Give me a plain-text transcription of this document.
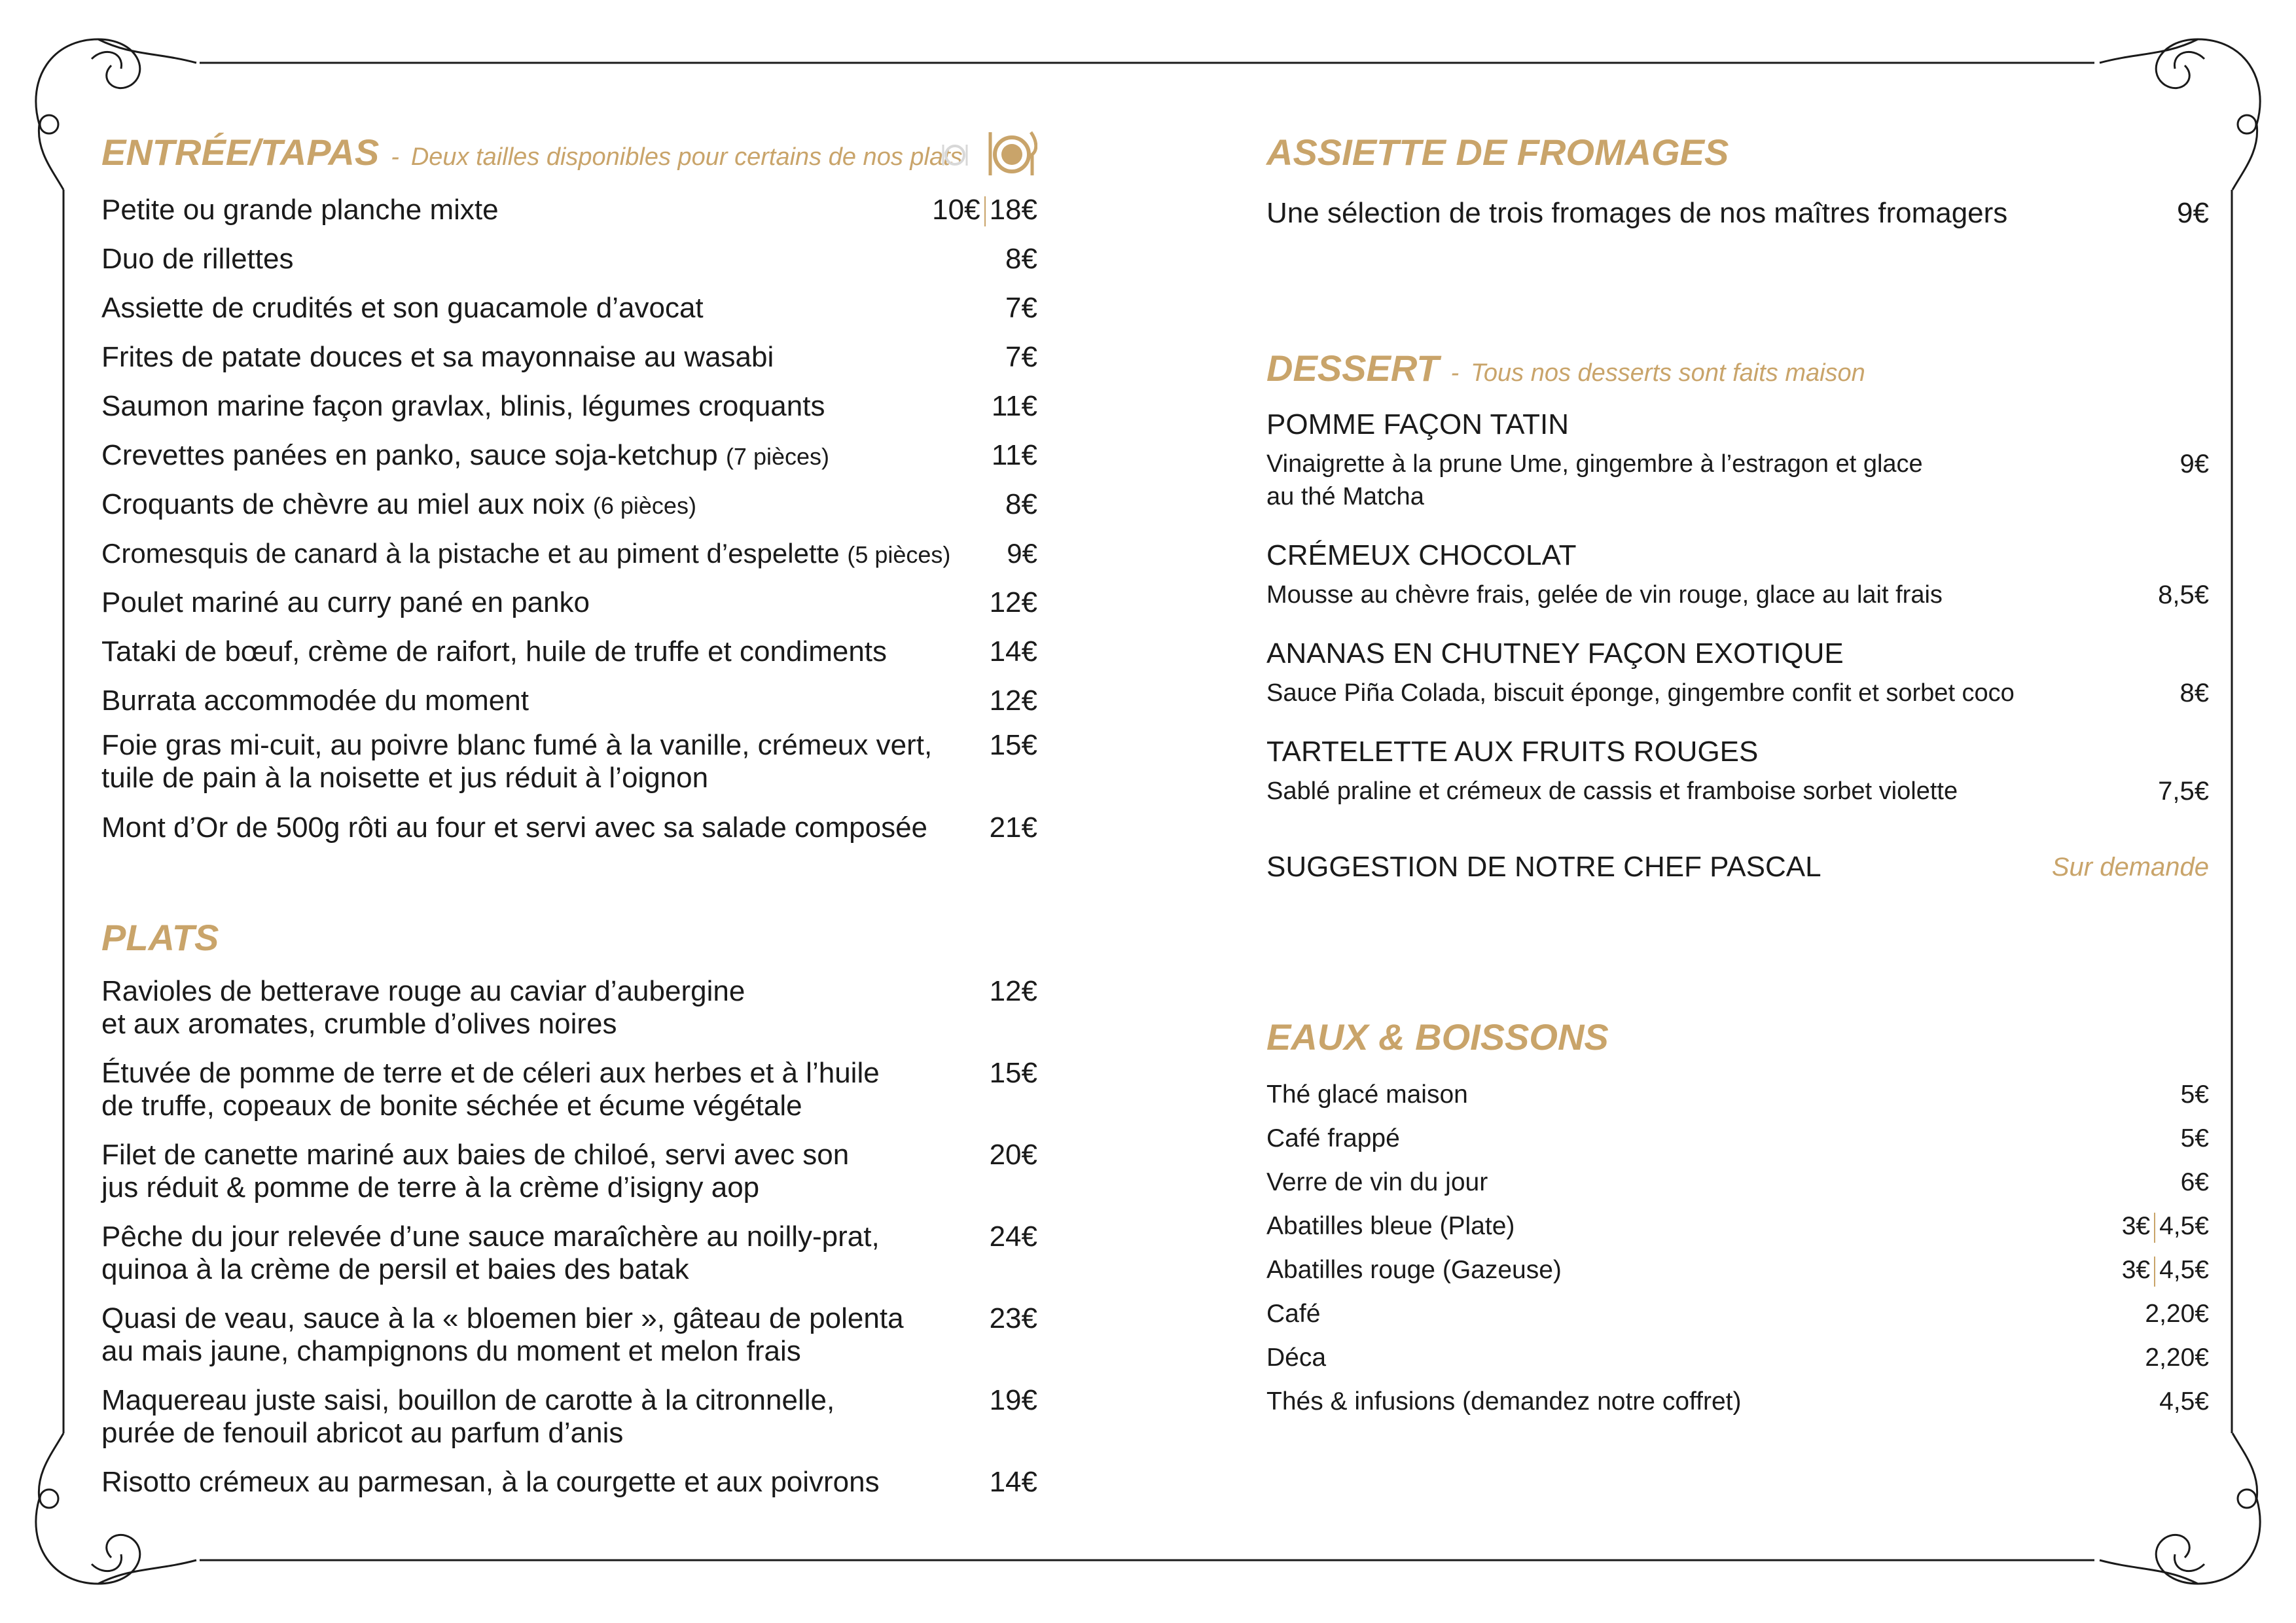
ENTRÉE/TAPAS - Deux tailles disponibles pour certains de nos plats
Petite ou grande planche mixte	10€ 18€
Duo de rillettes	8€
Assiette de crudités et son guacamole d’avocat	7€
Frites de patate douces et sa mayonnaise au wasabi	7€
Saumon marine façon gravlax, blinis, légumes croquants	11€
Crevettes panées en panko, sauce soja-ketchup (7 pièces)	11€
Croquants de chèvre au miel aux noix (6 pièces)	8€
Cromesquis de canard à la pistache et au piment d’espelette (5 pièces) 9€
Poulet mariné au curry pané en panko	12€
Tataki de bœuf, crème de raifort, huile de truffe et condiments	14€
Burrata accommodée du moment	12€
Foie gras mi-cuit, au poivre blanc fumé à la vanille, crémeux vert,
tuile de pain à la noisette et jus réduit à l’oignon
15€
Mont d’Or de 500g rôti au four et servi avec sa salade composée 21€
PLATS
Ravioles de betterave rouge au caviar d’aubergine
et aux aromates, crumble d’olives noires
12€
Étuvée de pomme de terre et de céleri aux herbes et à l’huile
de truffe, copeaux de bonite séchée et écume végétale
15€
Filet de canette mariné aux baies de chiloé, servi avec son
jus réduit & pomme de terre à la crème d’isigny aop
20€
Pêche du jour relevée d’une sauce maraîchère au noilly-prat,
quinoa à la crème de persil et baies des batak
24€
Quasi de veau, sauce à la « bloemen bier », gâteau de polenta
au mais jaune, champignons du moment et melon frais
23€
Maquereau juste saisi, bouillon de carotte à la citronnelle,
purée de fenouil abricot au parfum d’anis
19€
Risotto crémeux au parmesan, à la courgette et aux poivrons	14€
ASSIETTE DE FROMAGES
Une sélection de trois fromages de nos maîtres fromagers	9€
DESSERT - Tous nos desserts sont faits maison
POMME FAÇON TATIN
Vinaigrette à la prune Ume, gingembre à l’estragon et glace
au thé Matcha
9€
CRÉMEUX CHOCOLAT
Mousse au chèvre frais, gelée de vin rouge, glace au lait frais	8,5€
ANANAS EN CHUTNEY FAÇON EXOTIQUE
Sauce Piña Colada, biscuit éponge, gingembre confit et sorbet coco	8€
TARTELETTE AUX FRUITS ROUGES
Sablé praline et crémeux de cassis et framboise sorbet violette	7,5€
SUGGESTION DE NOTRE CHEF PASCAL	Sur demande
EAUX & BOISSONS
Thé glacé maison	5€
Café frappé	5€
Verre de vin du jour	6€
Abatilles bleue (Plate)	3€ 4,5€
Abatilles rouge (Gazeuse)	3€ 4,5€
Café	2,20€
Déca	2,20€
Thés & infusions (demandez notre coffret)	4,5€
